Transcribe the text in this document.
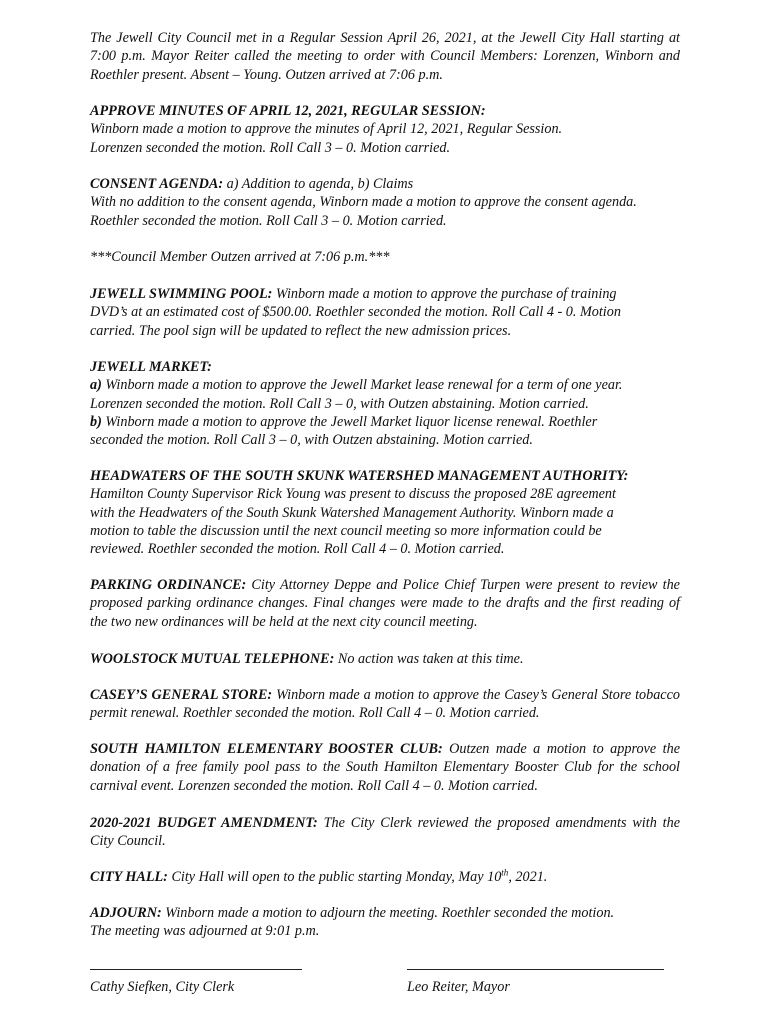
The Jewell City Council met in a Regular Session April 26, 2021, at the Jewell City Hall starting at 7:00 p.m. Mayor Reiter called the meeting to order with Council Members: Lorenzen, Winborn and Roethler present. Absent – Young. Outzen arrived at 7:06 p.m.

APPROVE MINUTES OF APRIL 12, 2021, REGULAR SESSION:
Winborn made a motion to approve the minutes of April 12, 2021, Regular Session.
Lorenzen seconded the motion. Roll Call 3 – 0. Motion carried.
CONSENT AGENDA: a) Addition to agenda, b) Claims
With no addition to the consent agenda, Winborn made a motion to approve the consent agenda.
Roethler seconded the motion. Roll Call 3 – 0. Motion carried.
***Council Member Outzen arrived at 7:06 p.m.***
JEWELL SWIMMING POOL: Winborn made a motion to approve the purchase of training
DVD’s at an estimated cost of $500.00. Roethler seconded the motion. Roll Call 4 - 0. Motion
carried. The pool sign will be updated to reflect the new admission prices.
JEWELL MARKET:
a) Winborn made a motion to approve the Jewell Market lease renewal for a term of one year.
Lorenzen seconded the motion. Roll Call 3 – 0, with Outzen abstaining. Motion carried.
b) Winborn made a motion to approve the Jewell Market liquor license renewal. Roethler
seconded the motion. Roll Call 3 – 0, with Outzen abstaining. Motion carried.
HEADWATERS OF THE SOUTH SKUNK WATERSHED MANAGEMENT AUTHORITY:
Hamilton County Supervisor Rick Young was present to discuss the proposed 28E agreement
with the Headwaters of the South Skunk Watershed Management Authority. Winborn made a
motion to table the discussion until the next council meeting so more information could be
reviewed. Roethler seconded the motion. Roll Call 4 – 0. Motion carried.

PARKING ORDINANCE: City Attorney Deppe and Police Chief Turpen were present to review the proposed parking ordinance changes. Final changes were made to the drafts and the first reading of the two new ordinances will be held at the next city council meeting.

WOOLSTOCK MUTUAL TELEPHONE: No action was taken at this time.

CASEY’S GENERAL STORE: Winborn made a motion to approve the Casey’s General Store tobacco permit renewal. Roethler seconded the motion. Roll Call 4 – 0. Motion carried.

SOUTH HAMILTON ELEMENTARY BOOSTER CLUB: Outzen made a motion to approve the donation of a free family pool pass to the South Hamilton Elementary Booster Club for the school carnival event. Lorenzen seconded the motion. Roll Call 4 – 0. Motion carried.

2020-2021 BUDGET AMENDMENT: The City Clerk reviewed the proposed amendments with the City Council.

CITY HALL: City Hall will open to the public starting Monday, May 10th, 2021.

ADJOURN: Winborn made a motion to adjourn the meeting. Roethler seconded the motion.
The meeting was adjourned at 9:01 p.m.
Cathy Siefken, City Clerk	Leo Reiter, Mayor
